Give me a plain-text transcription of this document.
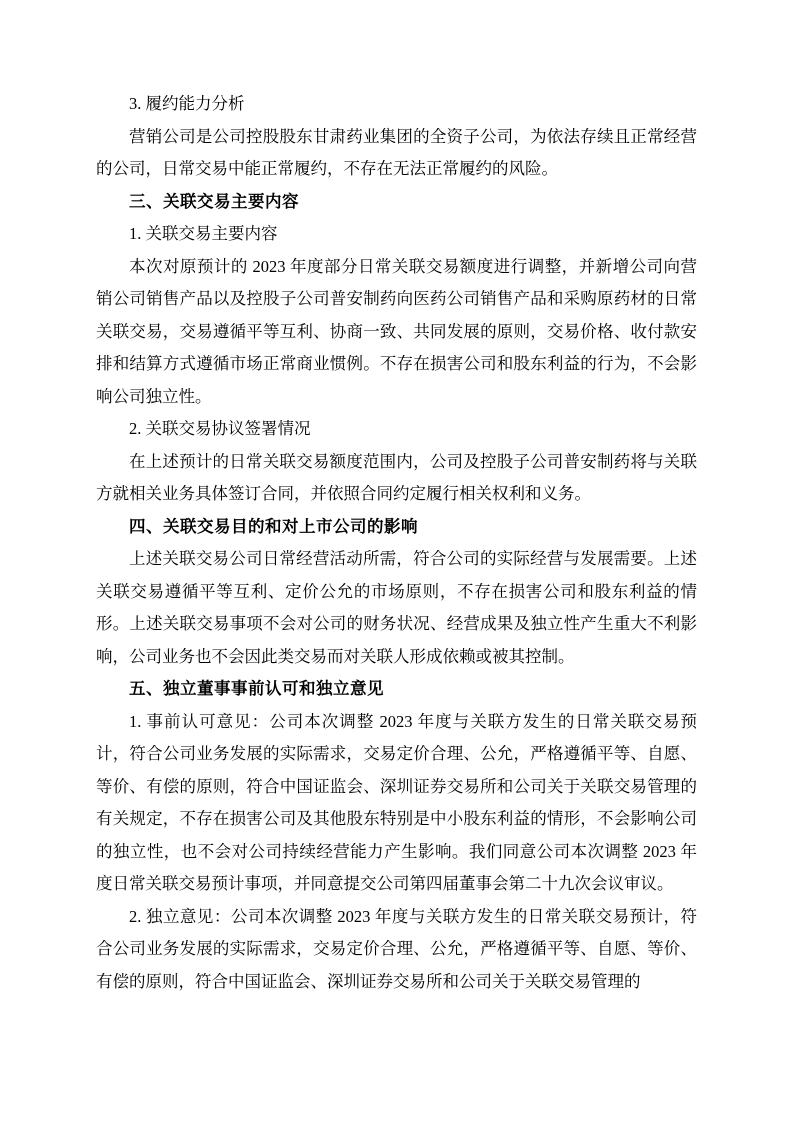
3. 履约能力分析

营销公司是公司控股股东甘肃药业集团的全资子公司，为依法存续且正常经营的公司，日常交易中能正常履约，不存在无法正常履约的风险。

三、关联交易主要内容

1. 关联交易主要内容

本次对原预计的 2023 年度部分日常关联交易额度进行调整，并新增公司向营销公司销售产品以及控股子公司普安制药向医药公司销售产品和采购原药材的日常关联交易，交易遵循平等互利、协商一致、共同发展的原则，交易价格、收付款安排和结算方式遵循市场正常商业惯例。不存在损害公司和股东利益的行为，不会影响公司独立性。

2. 关联交易协议签署情况

在上述预计的日常关联交易额度范围内，公司及控股子公司普安制药将与关联方就相关业务具体签订合同，并依照合同约定履行相关权利和义务。

四、关联交易目的和对上市公司的影响

上述关联交易公司日常经营活动所需，符合公司的实际经营与发展需要。上述关联交易遵循平等互利、定价公允的市场原则，不存在损害公司和股东利益的情形。上述关联交易事项不会对公司的财务状况、经营成果及独立性产生重大不利影响，公司业务也不会因此类交易而对关联人形成依赖或被其控制。

五、独立董事事前认可和独立意见

1. 事前认可意见：公司本次调整 2023 年度与关联方发生的日常关联交易预计，符合公司业务发展的实际需求，交易定价合理、公允，严格遵循平等、自愿、等价、有偿的原则，符合中国证监会、深圳证券交易所和公司关于关联交易管理的有关规定，不存在损害公司及其他股东特别是中小股东利益的情形，不会影响公司的独立性，也不会对公司持续经营能力产生影响。我们同意公司本次调整 2023 年度日常关联交易预计事项，并同意提交公司第四届董事会第二十九次会议审议。

2. 独立意见：公司本次调整 2023 年度与关联方发生的日常关联交易预计，符合公司业务发展的实际需求，交易定价合理、公允，严格遵循平等、自愿、等价、有偿的原则，符合中国证监会、深圳证券交易所和公司关于关联交易管理的
